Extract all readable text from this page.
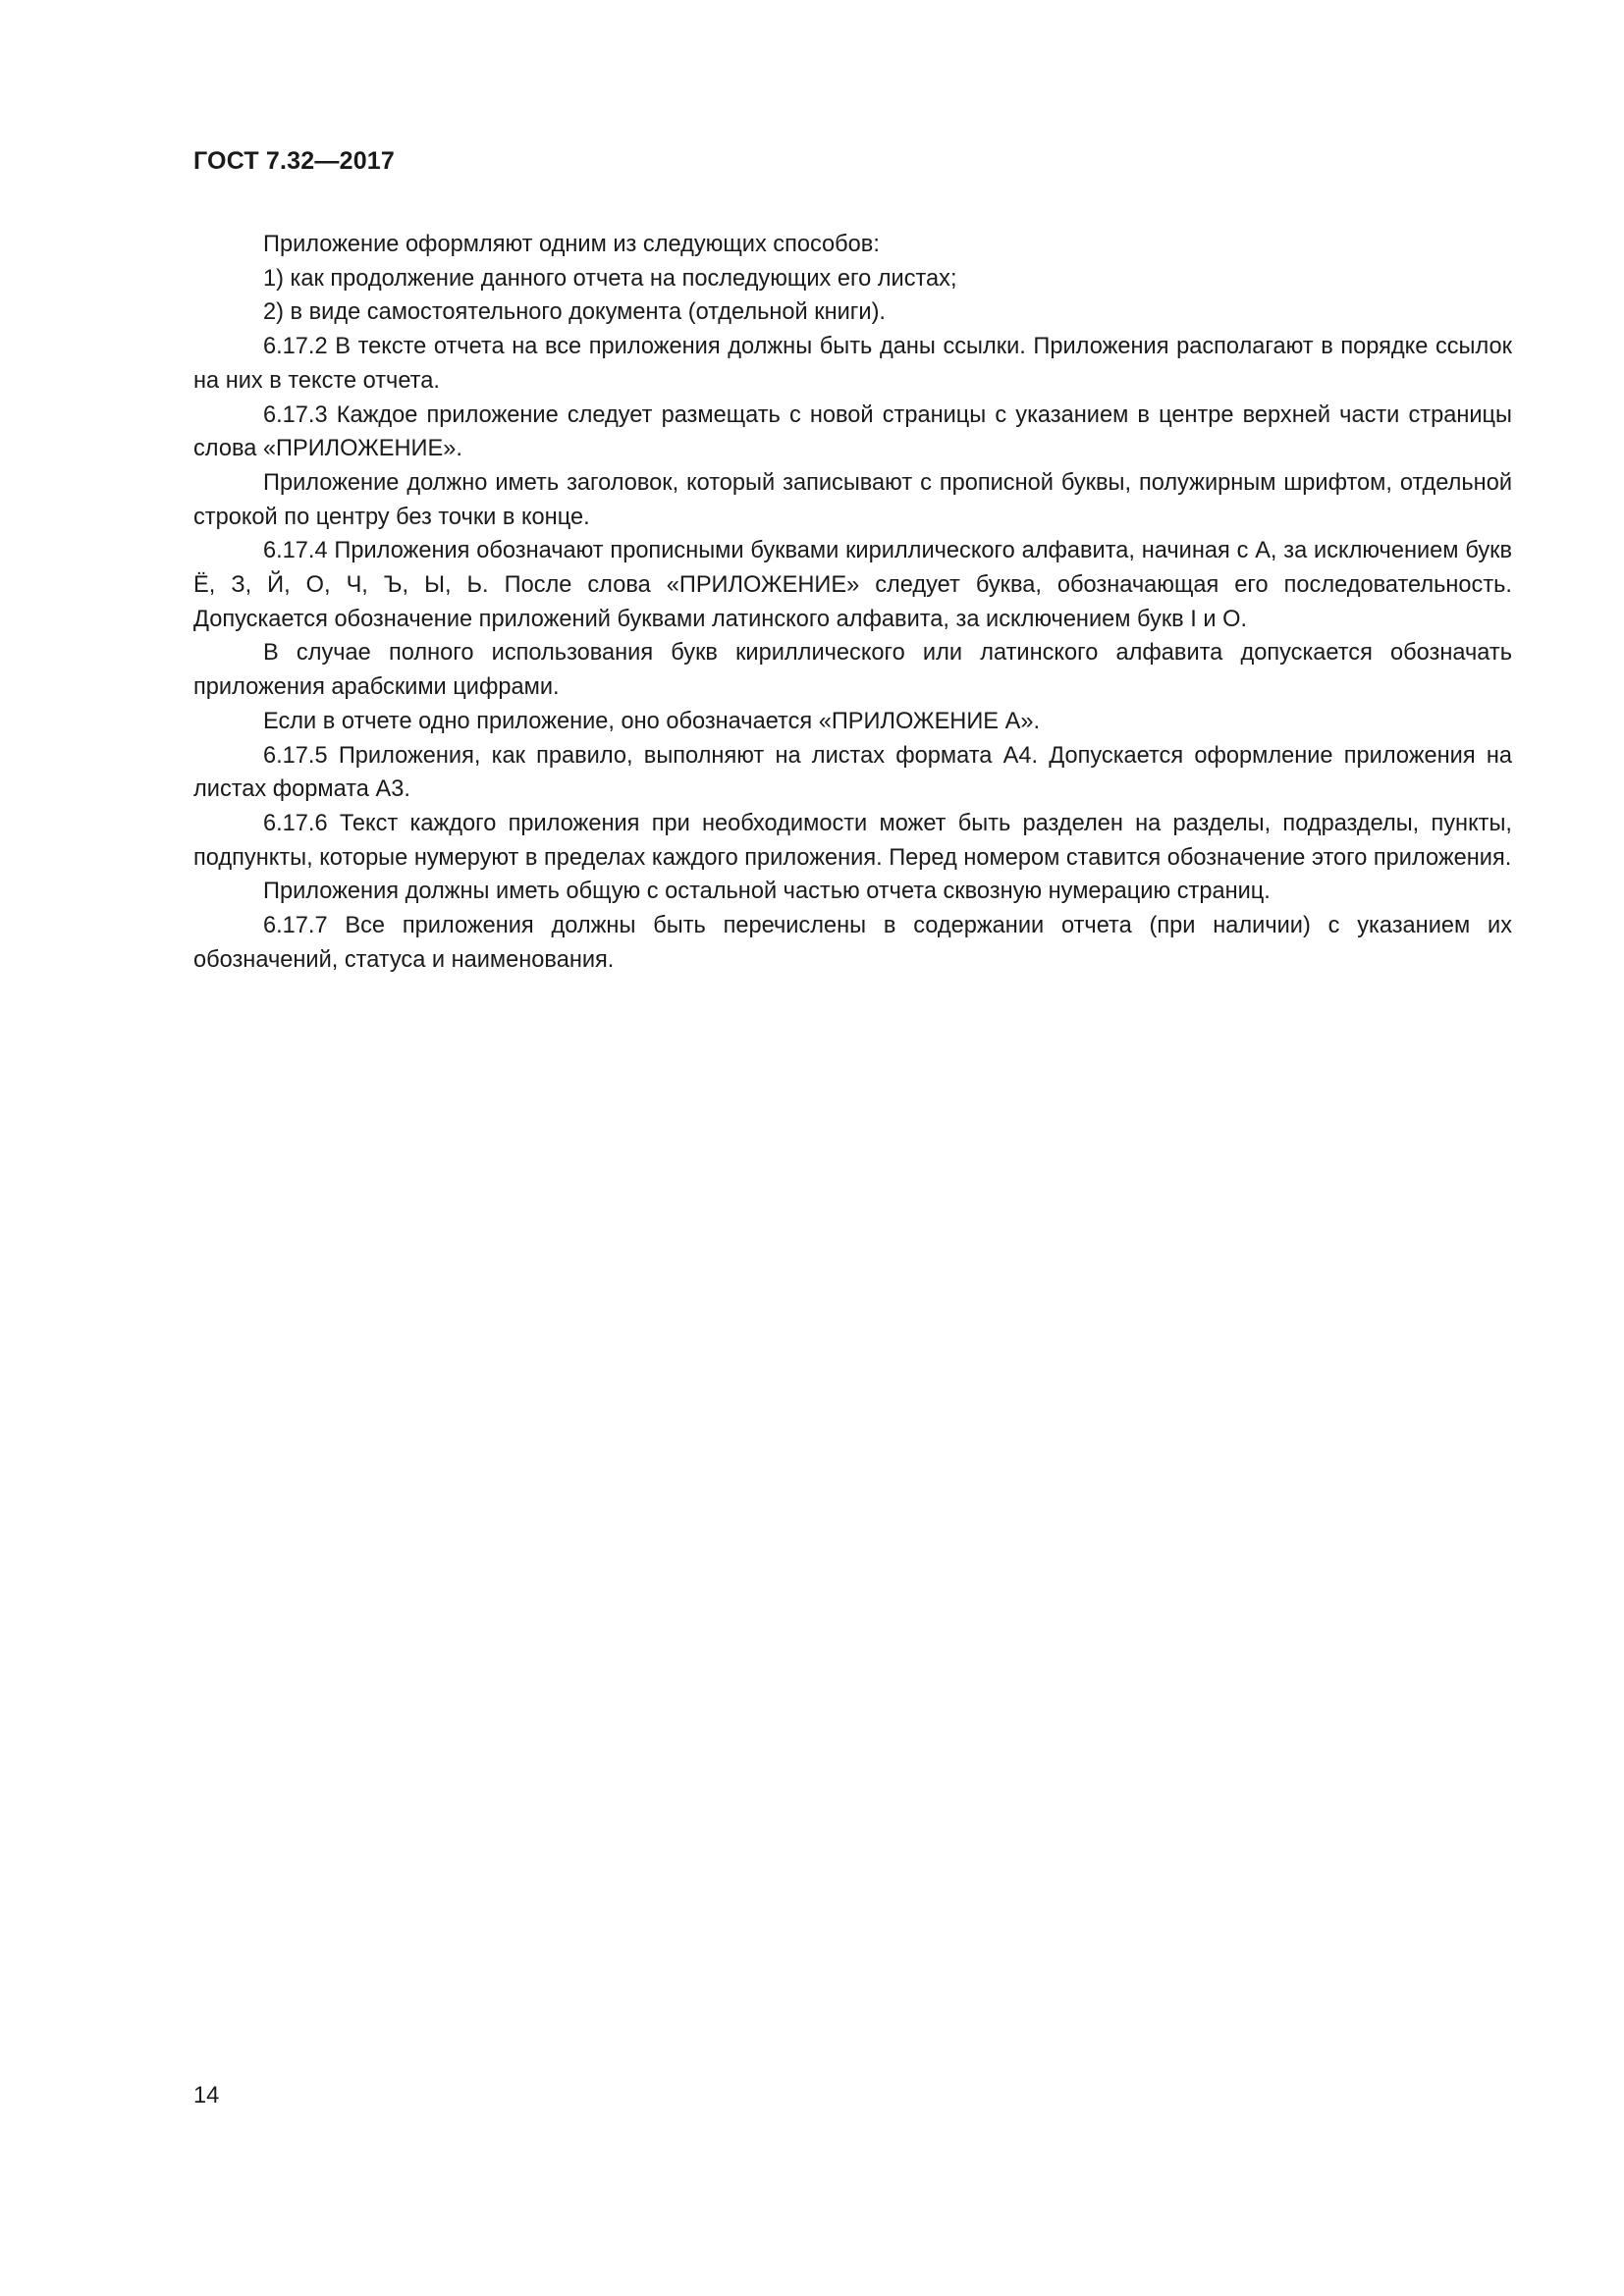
ГОСТ 7.32—2017

Приложение оформляют одним из следующих способов:

1) как продолжение данного отчета на последующих его листах;

2) в виде самостоятельного документа (отдельной книги).

6.17.2 В тексте отчета на все приложения должны быть даны ссылки. Приложения располагают в порядке ссылок на них в тексте отчета.

6.17.3 Каждое приложение следует размещать с новой страницы с указанием в центре верхней части страницы слова «ПРИЛОЖЕНИЕ».

Приложение должно иметь заголовок, который записывают с прописной буквы, полужирным шрифтом, отдельной строкой по центру без точки в конце.

6.17.4 Приложения обозначают прописными буквами кириллического алфавита, начиная с А, за исключением букв Ё, З, Й, О, Ч, Ъ, Ы, Ь. После слова «ПРИЛОЖЕНИЕ» следует буква, обозначающая его последовательность. Допускается обозначение приложений буквами латинского алфавита, за исключением букв I и O.

В случае полного использования букв кириллического или латинского алфавита допускается обозначать приложения арабскими цифрами.

Если в отчете одно приложение, оно обозначается «ПРИЛОЖЕНИЕ А».

6.17.5 Приложения, как правило, выполняют на листах формата А4. Допускается оформление приложения на листах формата А3.

6.17.6 Текст каждого приложения при необходимости может быть разделен на разделы, подразделы, пункты, подпункты, которые нумеруют в пределах каждого приложения. Перед номером ставится обозначение этого приложения.

Приложения должны иметь общую с остальной частью отчета сквозную нумерацию страниц.

6.17.7 Все приложения должны быть перечислены в содержании отчета (при наличии) с указанием их обозначений, статуса и наименования.

14
